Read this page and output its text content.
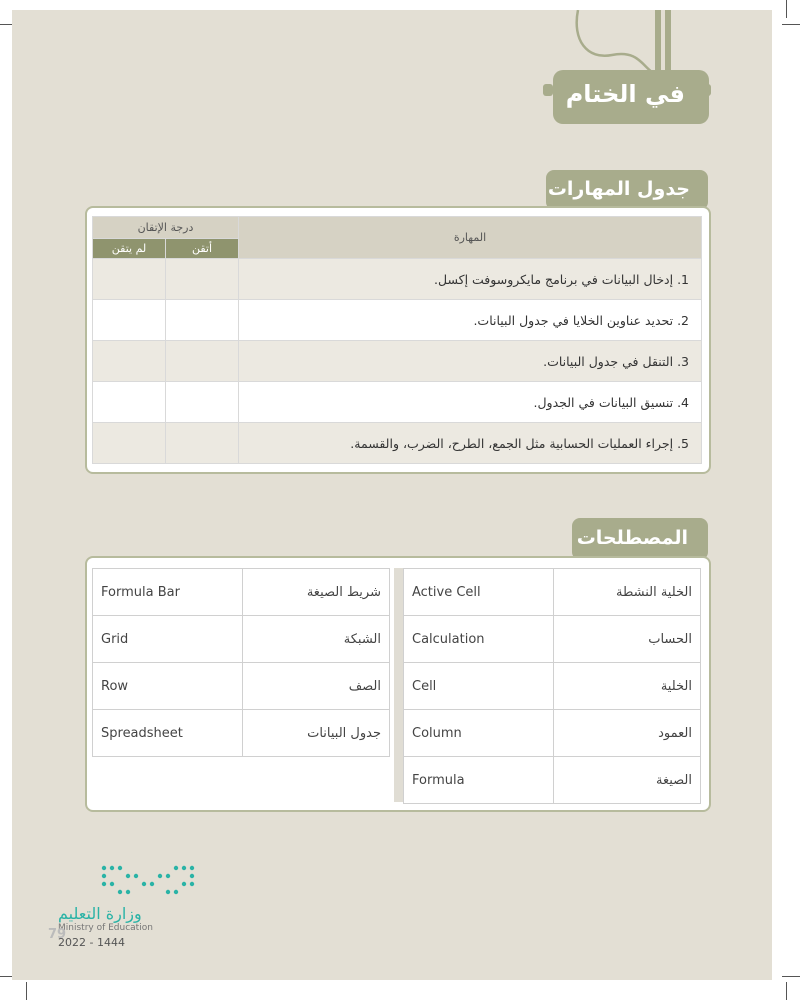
في الختام
جدول المهارات
درجة الإتقان		المهارة
لم يتقن	أتقن	
		1. إدخال البيانات في برنامج مايكروسوفت إكسل.
		2. تحديد عناوين الخلايا في جدول البيانات.
		3. التنقل في جدول البيانات.
		4. تنسيق البيانات في الجدول.
		5. إجراء العمليات الحسابية مثل الجمع، الطرح، الضرب، والقسمة.
المصطلحات
Formula Bar	شريط الصيغة
Grid	الشبكة
Row	الصف
Spreadsheet	جدول البيانات
Active Cell	الخلية النشطة
Calculation	الحساب
Cell	الخلية
Column	العمود
Formula	الصيغة
وزارة التعليم
Ministry of Education
79
2022 - 1444
